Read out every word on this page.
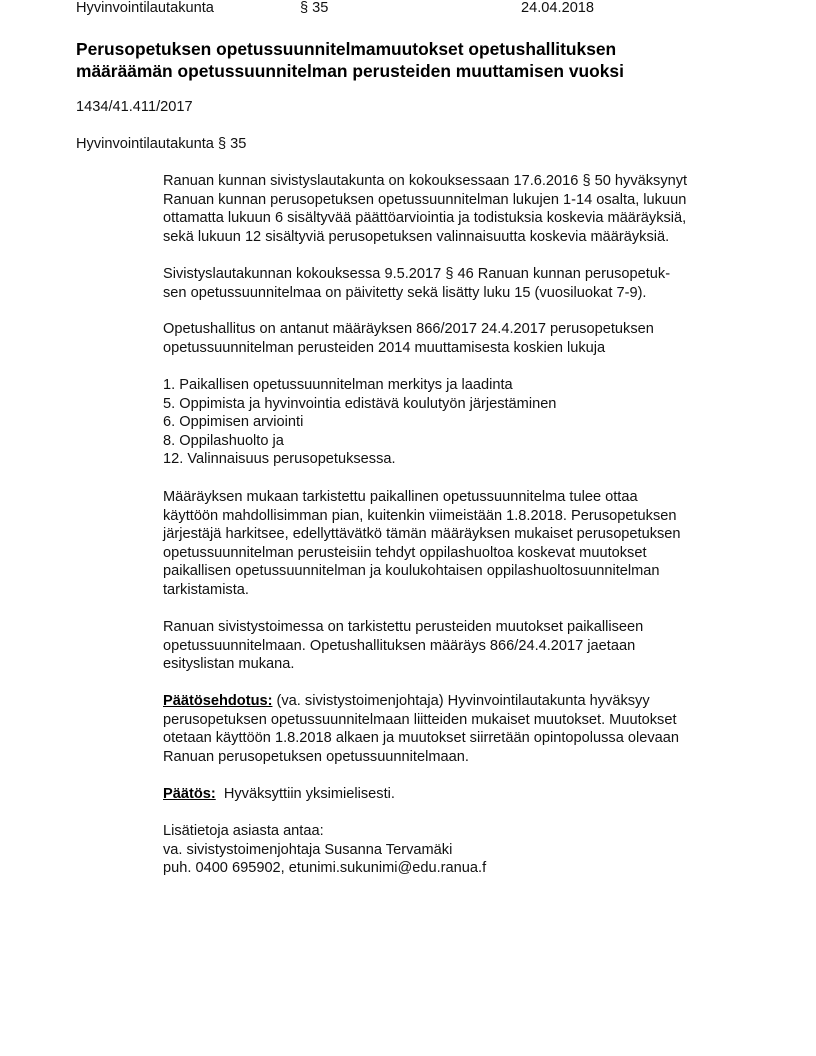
Hyvinvointilautakunta	§ 35	24.04.2018
Perusopetuksen opetussuunnitelmamuutokset opetushallituksen
määräämän opetussuunnitelman perusteiden muuttamisen vuoksi
1434/41.411/2017
Hyvinvointilautakunta § 35
Ranuan kunnan sivistyslautakunta on kokouksessaan 17.6.2016 § 50 hyväksynyt
Ranuan kunnan perusopetuksen opetussuunnitelman lukujen 1-14 osalta, lukuun
ottamatta lukuun 6 sisältyvää päättöarviointia ja todistuksia koskevia määräyksiä,
sekä lukuun 12 sisältyviä perusopetuksen valinnaisuutta koskevia määräyksiä.
Sivistyslautakunnan kokouksessa 9.5.2017 § 46 Ranuan kunnan perusopetuk-
sen opetussuunnitelmaa on päivitetty sekä lisätty luku 15 (vuosiluokat 7-9).
Opetushallitus on antanut määräyksen 866/2017 24.4.2017 perusopetuksen
opetussuunnitelman perusteiden 2014 muuttamisesta koskien lukuja
1. Paikallisen opetussuunnitelman merkitys ja laadinta
5. Oppimista ja hyvinvointia edistävä koulutyön järjestäminen
6. Oppimisen arviointi
8. Oppilashuolto ja
12. Valinnaisuus perusopetuksessa.
Määräyksen mukaan tarkistettu paikallinen opetussuunnitelma tulee ottaa
käyttöön mahdollisimman pian, kuitenkin viimeistään 1.8.2018. Perusopetuksen
järjestäjä harkitsee, edellyttävätkö tämän määräyksen mukaiset perusopetuksen
opetussuunnitelman perusteisiin tehdyt oppilashuoltoa koskevat muutokset
paikallisen opetussuunnitelman ja koulukohtaisen oppilashuoltosuunnitelman
tarkistamista.
Ranuan sivistystoimessa on tarkistettu perusteiden muutokset paikalliseen
opetussuunnitelmaan. Opetushallituksen määräys 866/24.4.2017 jaetaan
esityslistan mukana.
Päätösehdotus: (va. sivistystoimenjohtaja) Hyvinvointilautakunta hyväksyy
perusopetuksen opetussuunnitelmaan liitteiden mukaiset muutokset. Muutokset
otetaan käyttöön 1.8.2018 alkaen ja muutokset siirretään opintopolussa olevaan
Ranuan perusopetuksen opetussuunnitelmaan.
Päätös:  Hyväksyttiin yksimielisesti.
Lisätietoja asiasta antaa:
va. sivistystoimenjohtaja Susanna Tervamäki
puh. 0400 695902, etunimi.sukunimi@edu.ranua.f
